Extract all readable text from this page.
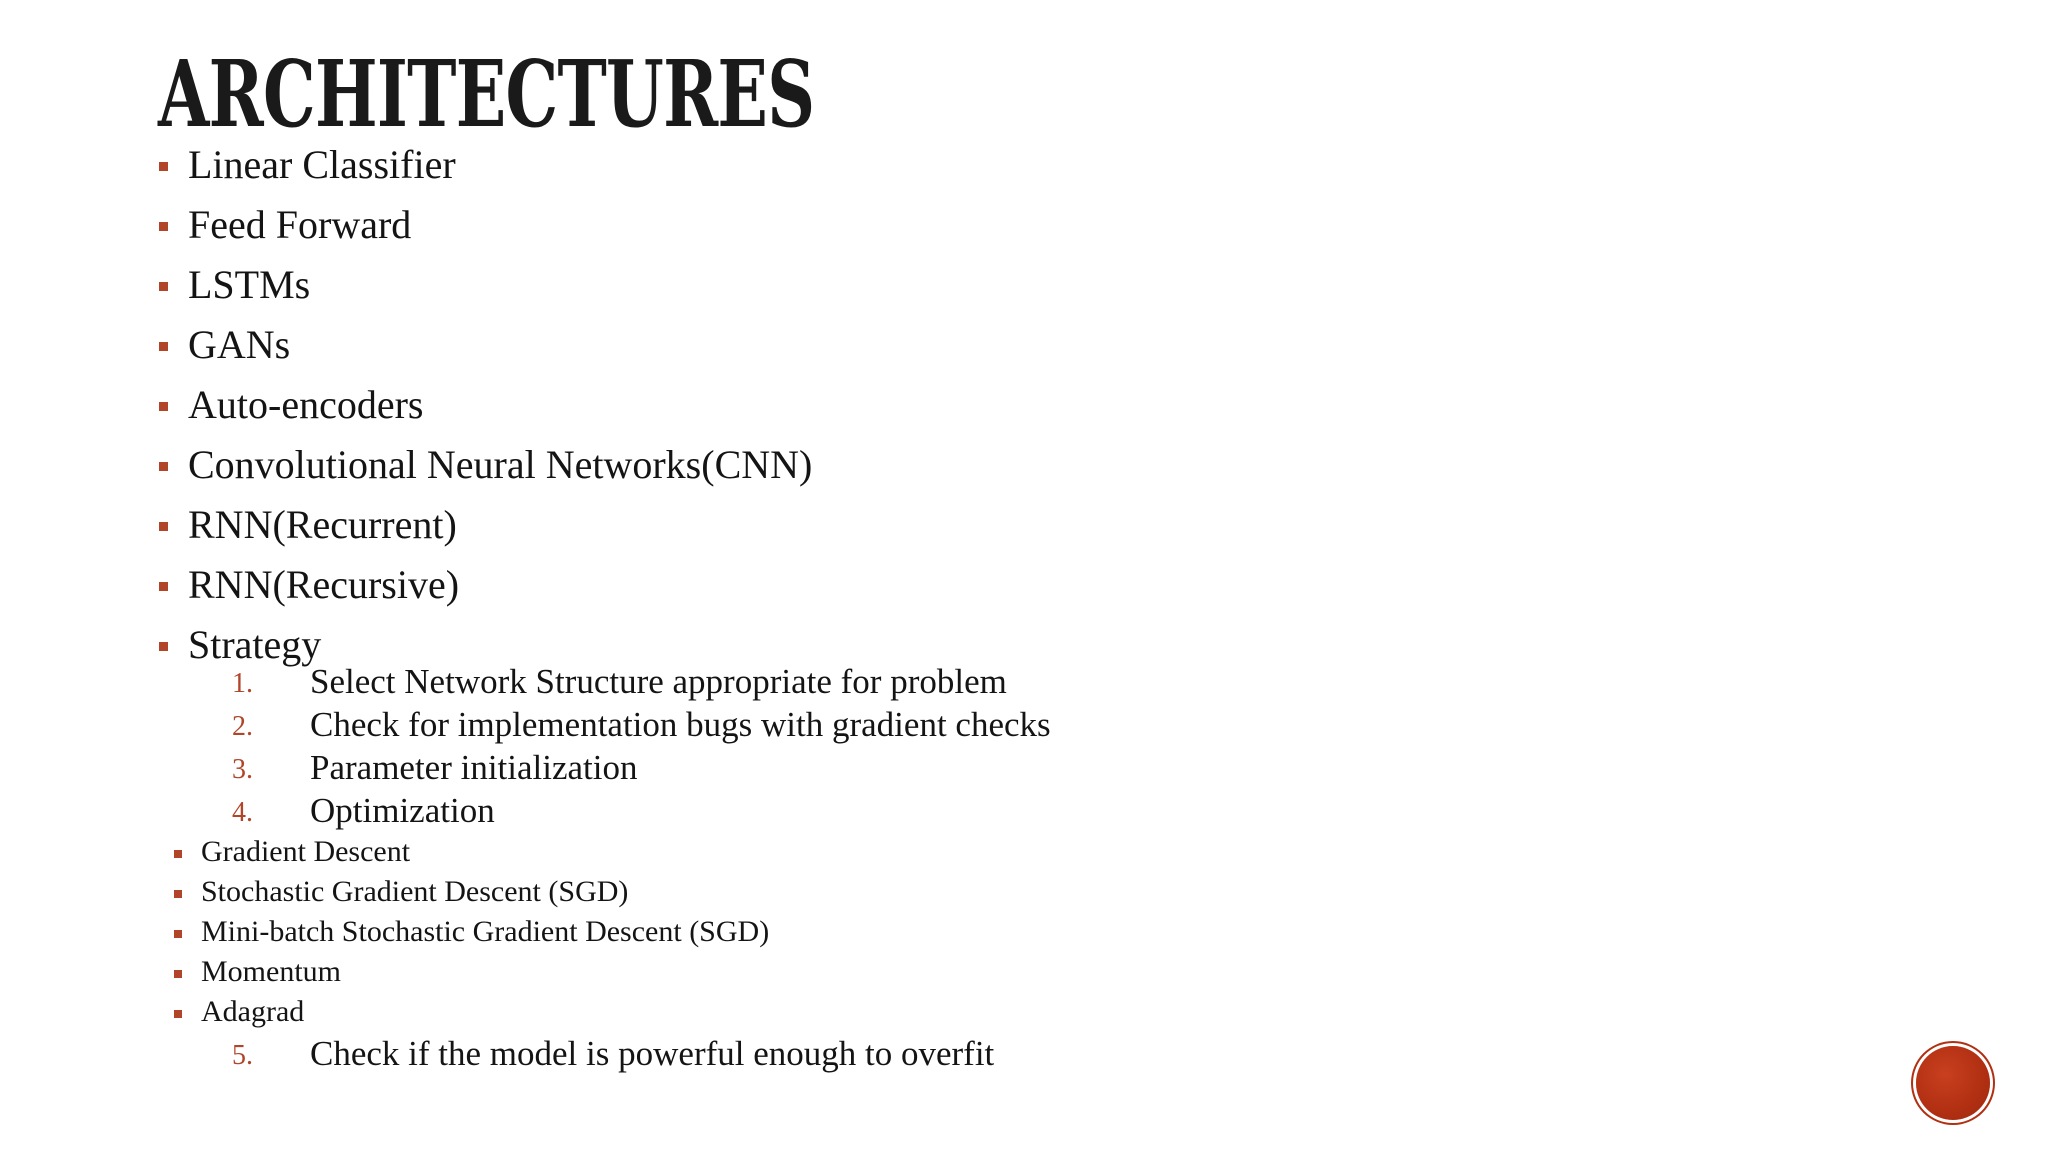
ARCHITECTURES
Linear Classifier
Feed Forward
LSTMs
GANs
Auto-encoders
Convolutional Neural Networks(CNN)
RNN(Recurrent)
RNN(Recursive)
Strategy
1. Select Network Structure appropriate for problem
2. Check for implementation bugs with gradient checks
3. Parameter initialization
4. Optimization
Gradient Descent
Stochastic Gradient Descent (SGD)
Mini-batch Stochastic Gradient Descent (SGD)
Momentum
Adagrad
5. Check if the model is powerful enough to overfit
